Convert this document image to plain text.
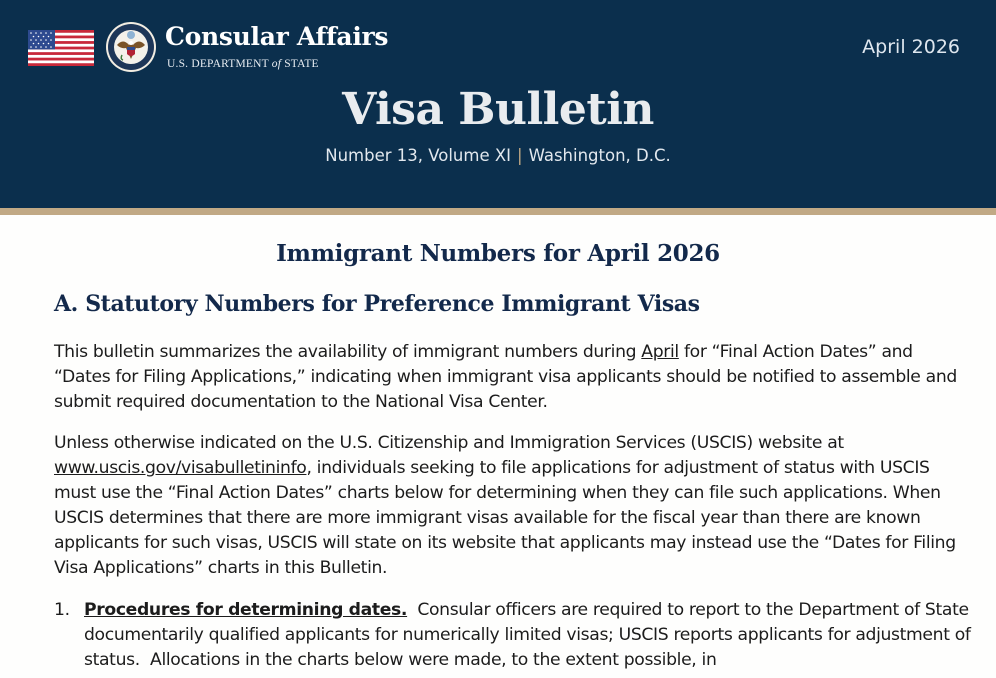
Consular Affairs
U.S. DEPARTMENT of STATE
April 2026
Visa Bulletin
Number 13, Volume XI | Washington, D.C.
Immigrant Numbers for April 2026
A. Statutory Numbers for Preference Immigrant Visas

This bulletin summarizes the availability of immigrant numbers during April for “Final Action Dates” and “Dates for Filing Applications,” indicating when immigrant visa applicants should be notified to assemble and submit required documentation to the National Visa Center.

Unless otherwise indicated on the U.S. Citizenship and Immigration Services (USCIS) website at www.uscis.gov/visabulletininfo, individuals seeking to file applications for adjustment of status with USCIS must use the “Final Action Dates” charts below for determining when they can file such applications. When USCIS determines that there are more immigrant visas available for the fiscal year than there are known applicants for such visas, USCIS will state on its website that applicants may instead use the “Dates for Filing Visa Applications” charts in this Bulletin.

1. Procedures for determining dates.  Consular officers are required to report to the Department of State documentarily qualified applicants for numerically limited visas; USCIS reports applicants for adjustment of status.  Allocations in the charts below were made, to the extent possible, in
